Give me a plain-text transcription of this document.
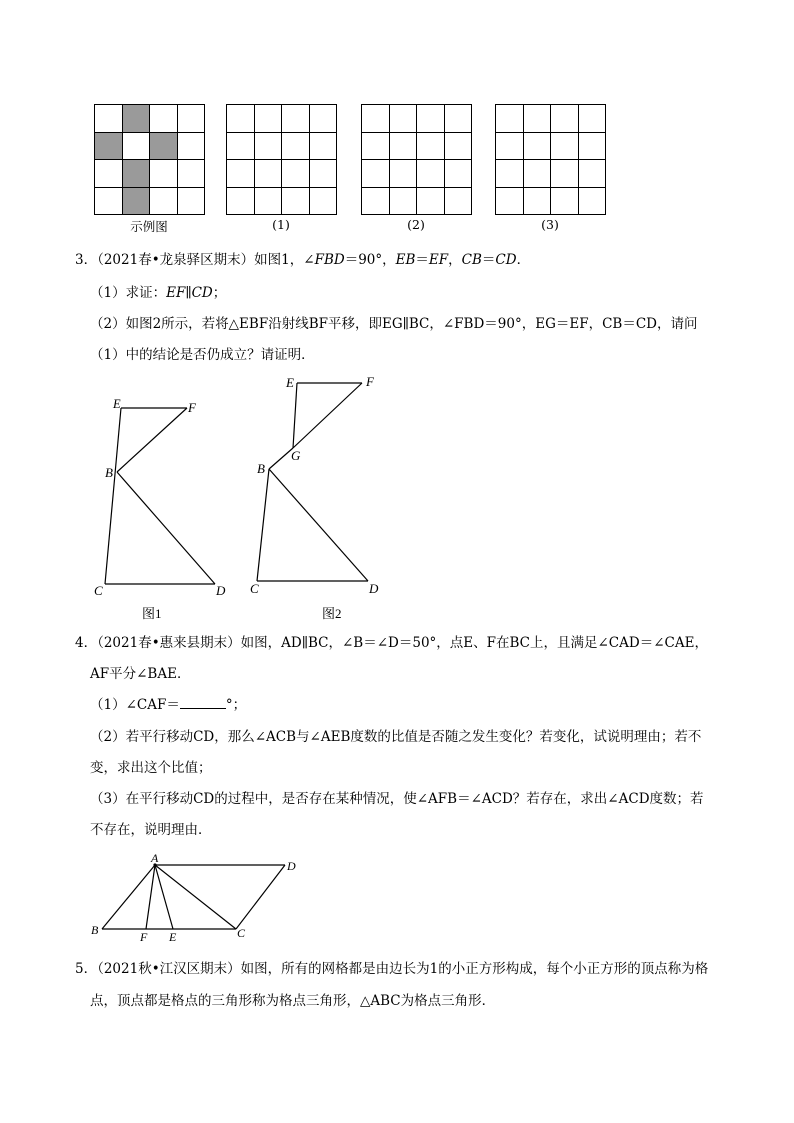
示例图	(1)	(2)	(3)
3．（2021春•龙泉驿区期末）如图1，∠FBD＝90°，EB＝EF，CB＝CD．
（1）求证：EF∥CD；
（2）如图2所示，若将△EBF沿射线BF平移，即EG∥BC，∠FBD＝90°，EG＝EF，CB＝CD，请问
（1）中的结论是否仍成立？请证明．
E	F
B
C	D
图1
E	F
G
B
C	D
图2
4．（2021春•惠来县期末）如图，AD∥BC，∠B＝∠D＝50°，点E、F在BC上，且满足∠CAD＝∠CAE，
AF平分∠BAE．
（1）∠CAF＝	°；
（2）若平行移动CD，那么∠ACB与∠AEB度数的比值是否随之发生变化？若变化，试说明理由；若不
变，求出这个比值；
（3）在平行移动CD的过程中，是否存在某种情况，使∠AFB＝∠ACD？若存在，求出∠ACD度数；若
不存在，说明理由．
A
D
B	F E	C
5．（2021秋•江汉区期末）如图，所有的网格都是由边长为1的小正方形构成，每个小正方形的顶点称为格
点，顶点都是格点的三角形称为格点三角形，△ABC为格点三角形．
